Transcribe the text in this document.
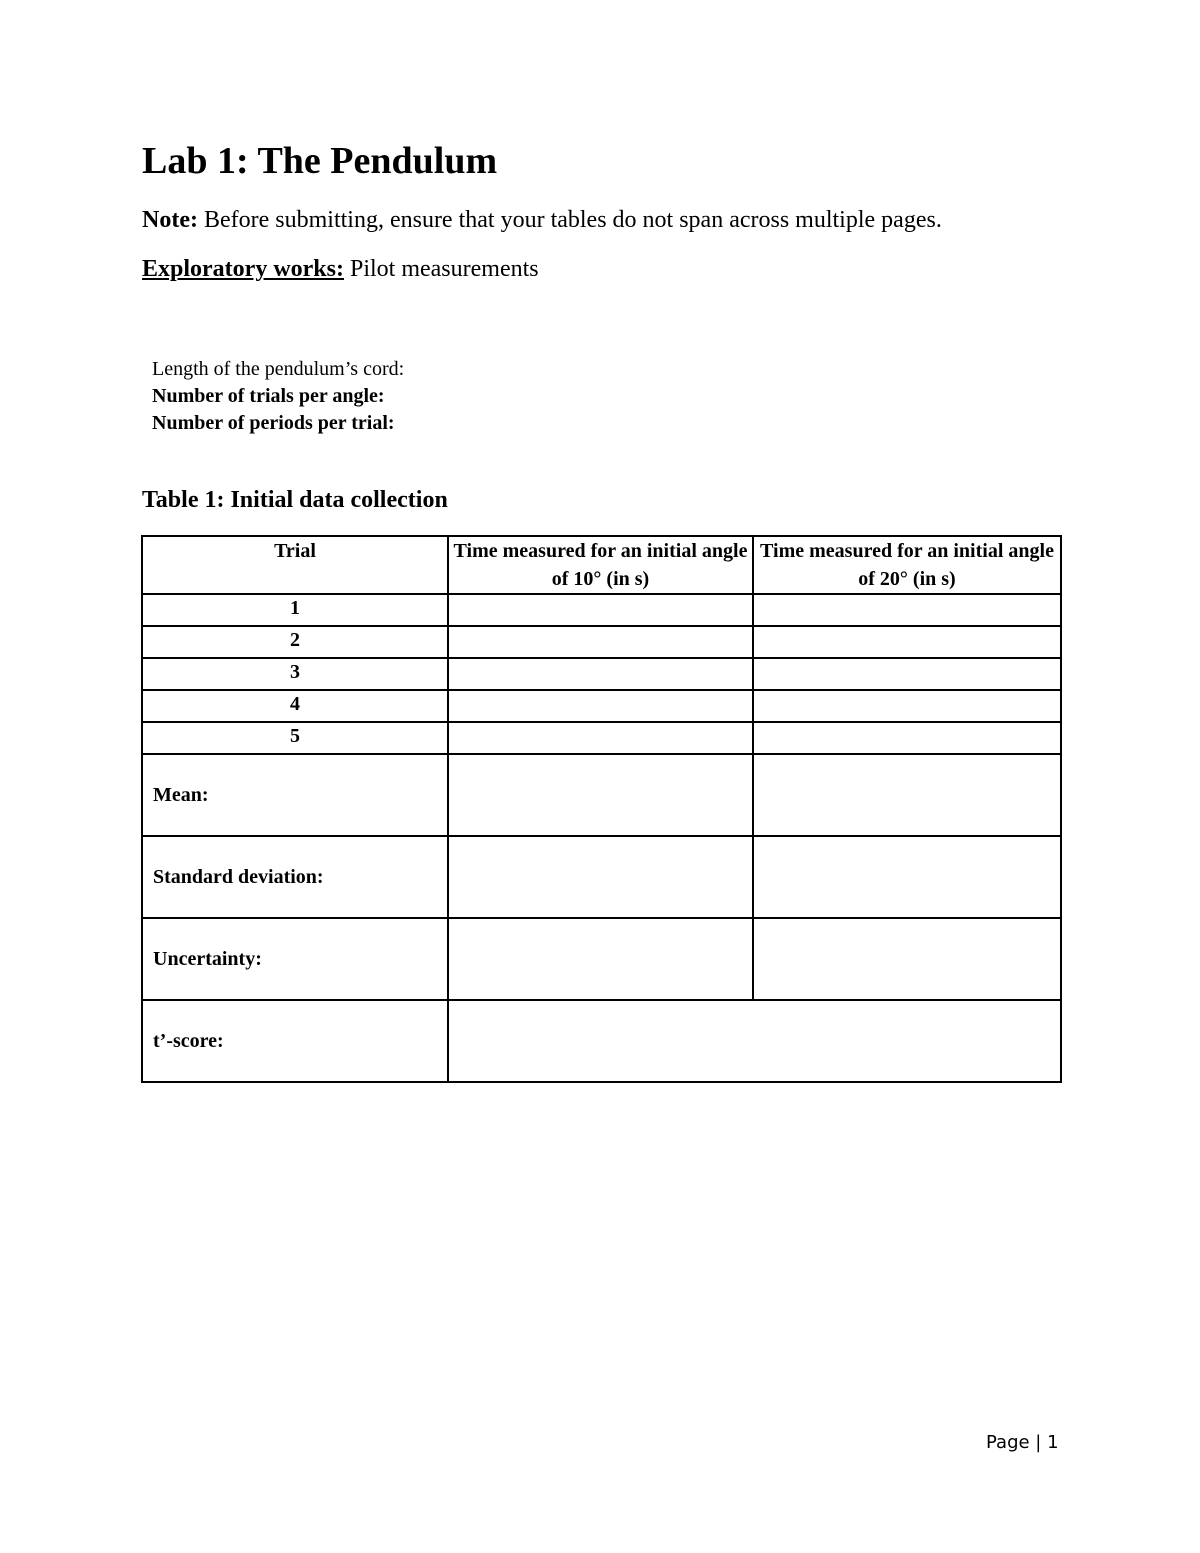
Lab 1: The Pendulum
Note: Before submitting, ensure that your tables do not span across multiple pages.
Exploratory works: Pilot measurements
Length of the pendulum’s cord:
Number of trials per angle:
Number of periods per trial:
Table 1: Initial data collection
Trial	Time measured for an initial angle of 10° (in s)	Time measured for an initial angle of 20° (in s)
1		
2		
3		
4		
5		
Mean:		
Standard deviation:		
Uncertainty:		
t’-score:		
Page | 1
